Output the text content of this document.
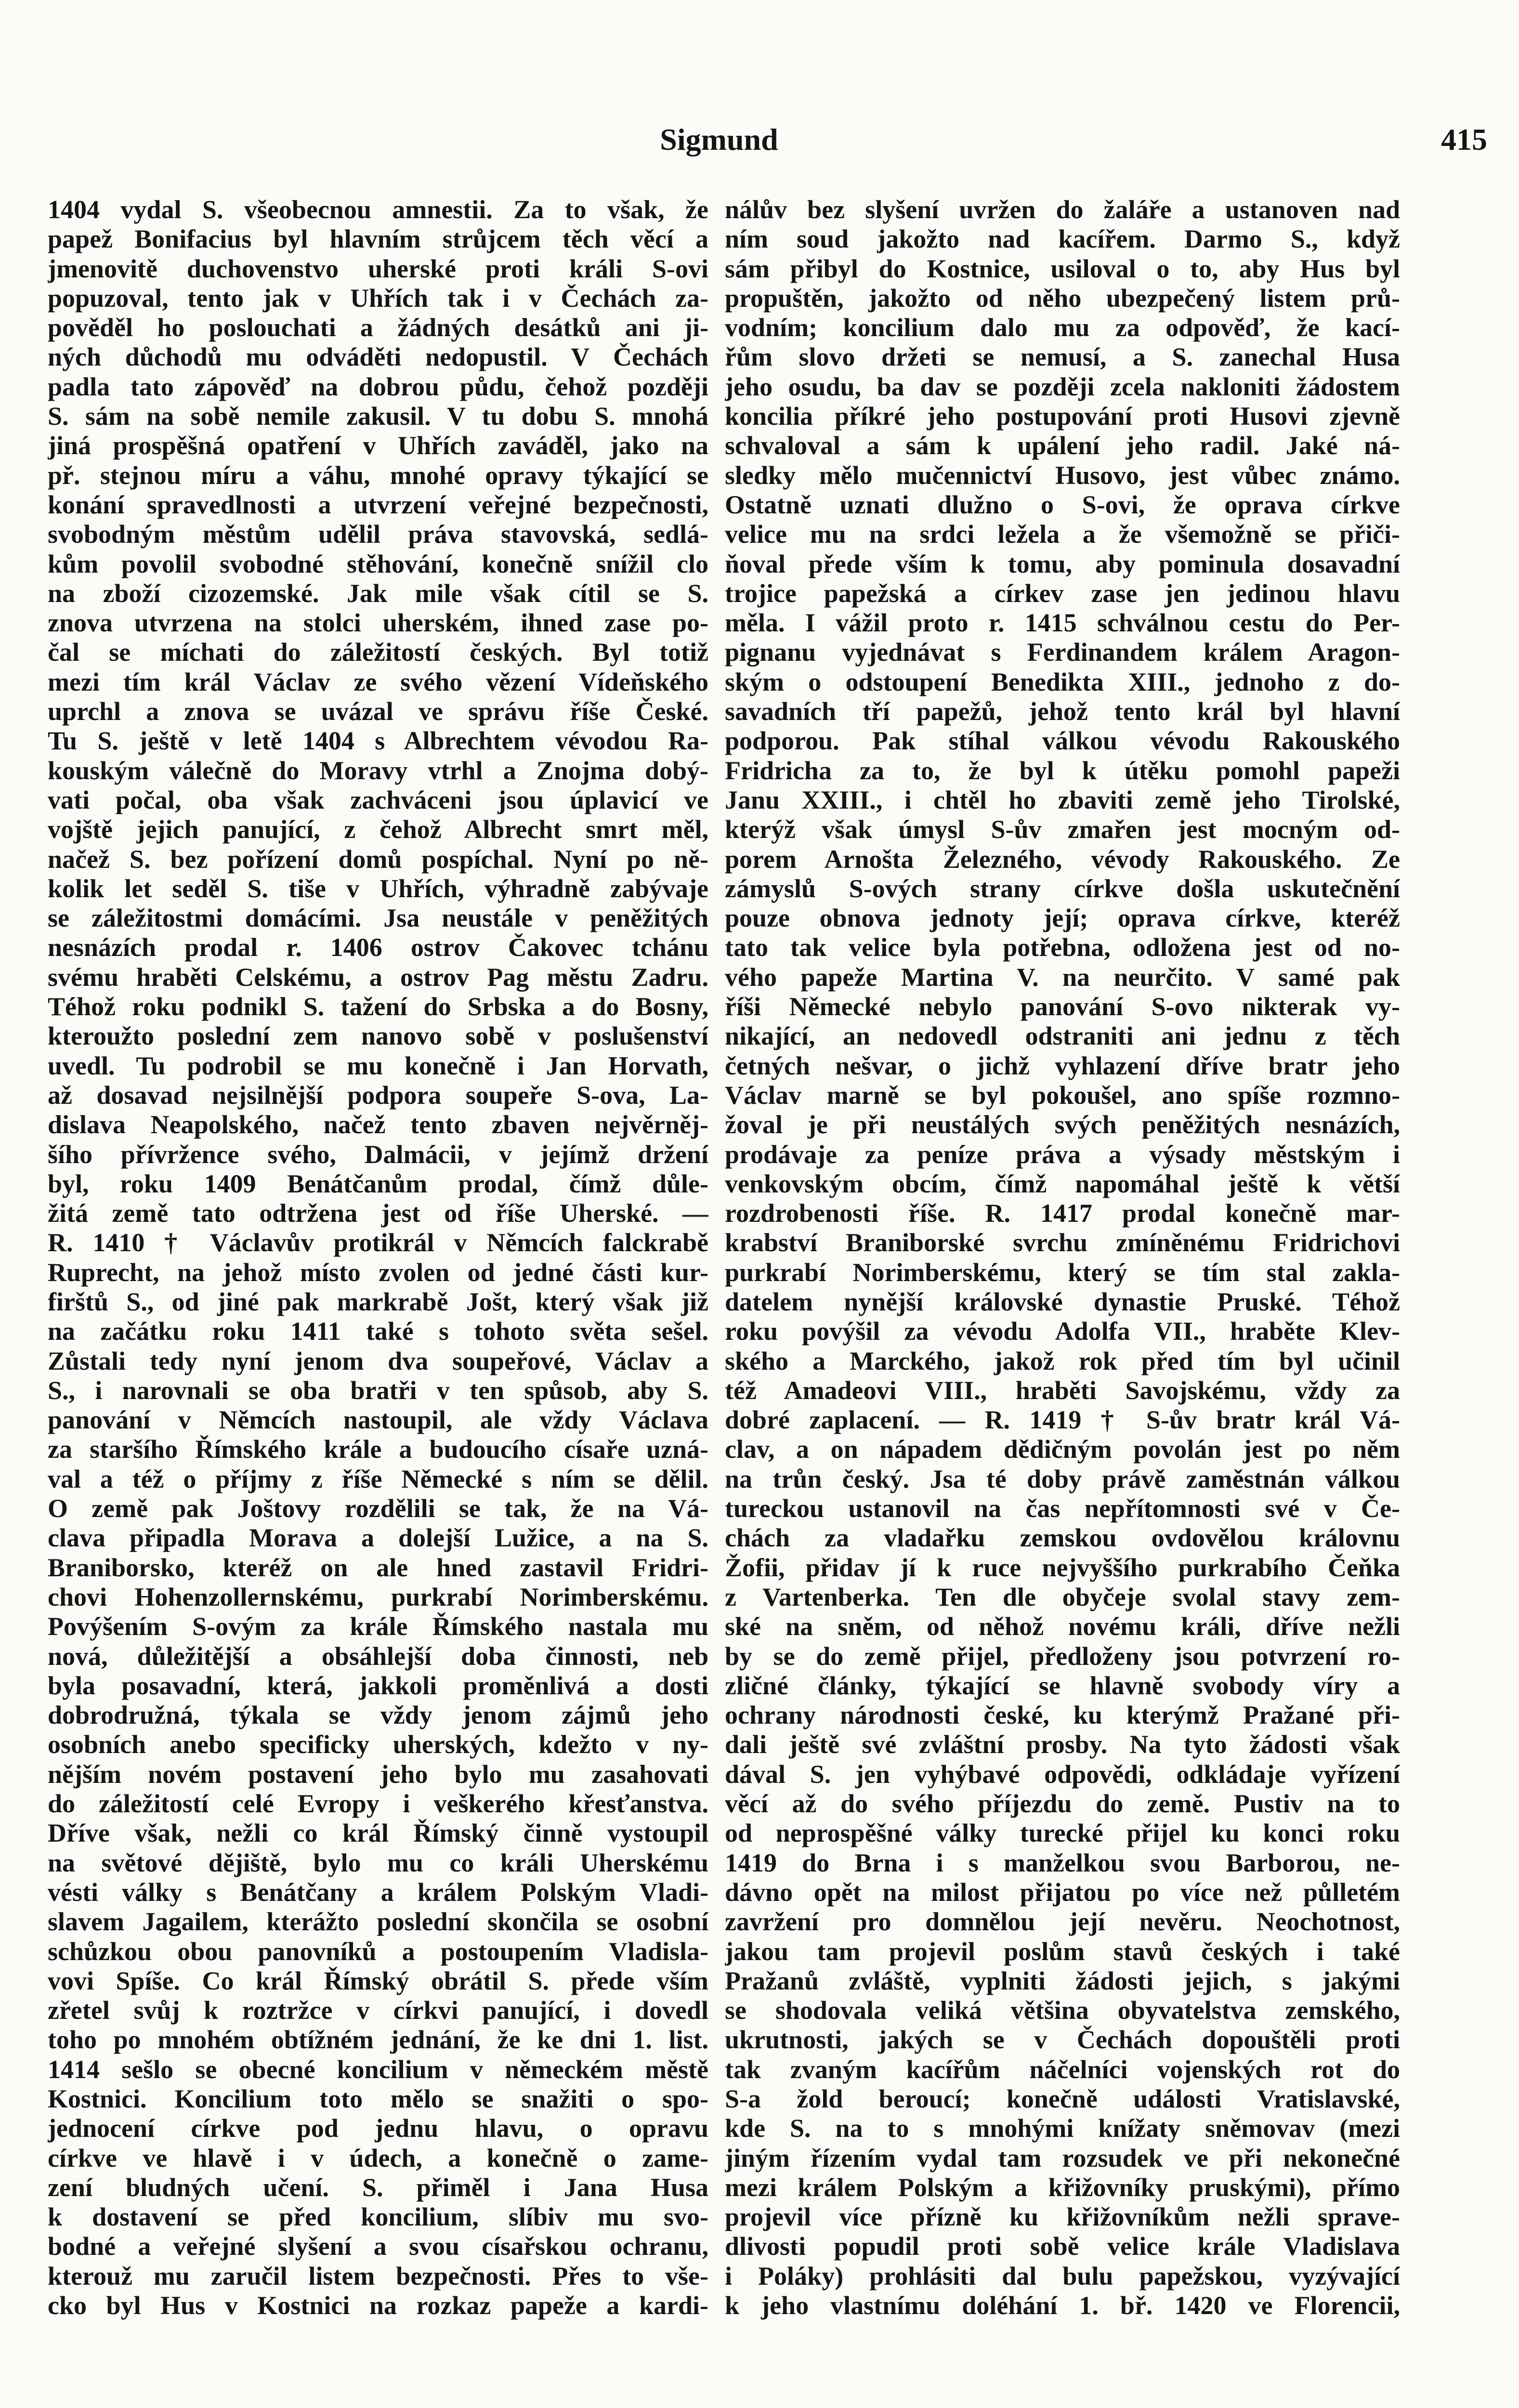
Sigmund	415
1404 vydal S. všeobecnou amnestii. Za to však, že
papež Bonifacius byl hlavním strůjcem těch věcí a
jmenovitě duchovenstvo uherské proti králi S-ovi
popuzoval, tento jak v Uhřích tak i v Čechách za-
pověděl ho poslouchati a žádných desátků ani ji-
ných důchodů mu odváděti nedopustil. V Čechách
padla tato zápověď na dobrou půdu, čehož později
S. sám na sobě nemile zakusil. V tu dobu S. mnohá
jiná prospěšná opatření v Uhřích zaváděl, jako na
př. stejnou míru a váhu, mnohé opravy týkající se
konání spravedlnosti a utvrzení veřejné bezpečnosti,
svobodným městům udělil práva stavovská, sedlá-
kům povolil svobodné stěhování, konečně snížil clo
na zboží cizozemské. Jak mile však cítil se S.
znova utvrzena na stolci uherském, ihned zase po-
čal se míchati do záležitostí českých. Byl totiž
mezi tím král Václav ze svého vězení Vídeňského
uprchl a znova se uvázal ve správu říše České.
Tu S. ještě v letě 1404 s Albrechtem vévodou Ra-
kouským válečně do Moravy vtrhl a Znojma dobý-
vati počal, oba však zachváceni jsou úplavicí ve
vojště jejich panující, z čehož Albrecht smrt měl,
načež S. bez pořízení domů pospíchal. Nyní po ně-
kolik let seděl S. tiše v Uhřích, výhradně zabývaje
se záležitostmi domácími. Jsa neustále v peněžitých
nesnázích prodal r. 1406 ostrov Čakovec tchánu
svému hraběti Celskému, a ostrov Pag městu Zadru.
Téhož roku podnikl S. tažení do Srbska a do Bosny,
kteroužto poslední zem nanovo sobě v poslušenství
uvedl. Tu podrobil se mu konečně i Jan Horvath,
až dosavad nejsilnější podpora soupeře S-ova, La-
dislava Neapolského, načež tento zbaven nejvěrněj-
šího přívržence svého, Dalmácii, v jejímž držení
byl, roku 1409 Benátčanům prodal, čímž důle-
žitá země tato odtržena jest od říše Uherské. —
R. 1410 † Václavův protikrál v Němcích falckrabě
Ruprecht, na jehož místo zvolen od jedné části kur-
firštů S., od jiné pak markrabě Jošt, který však již
na začátku roku 1411 také s tohoto světa sešel.
Zůstali tedy nyní jenom dva soupeřové, Václav a
S., i narovnali se oba bratři v ten spůsob, aby S.
panování v Němcích nastoupil, ale vždy Václava
za staršího Římského krále a budoucího císaře uzná-
val a též o příjmy z říše Německé s ním se dělil.
O země pak Joštovy rozdělili se tak, že na Vá-
clava připadla Morava a dolejší Lužice, a na S.
Braniborsko, kteréž on ale hned zastavil Fridri-
chovi Hohenzollernskému, purkrabí Norimberskému.
Povýšením S-ovým za krále Římského nastala mu
nová, důležitější a obsáhlejší doba činnosti, neb
byla posavadní, která, jakkoli proměnlivá a dosti
dobrodružná, týkala se vždy jenom zájmů jeho
osobních anebo specificky uherských, kdežto v ny-
nějším novém postavení jeho bylo mu zasahovati
do záležitostí celé Evropy i veškerého křesťanstva.
Dříve však, nežli co král Římský činně vystoupil
na světové dějiště, bylo mu co králi Uherskému
vésti války s Benátčany a králem Polským Vladi-
slavem Jagailem, kterážto poslední skončila se osobní
schůzkou obou panovníků a postoupením Vladisla-
vovi Spíše. Co král Římský obrátil S. přede vším
zřetel svůj k roztržce v církvi panující, i dovedl
toho po mnohém obtížném jednání, že ke dni 1. list.
1414 sešlo se obecné koncilium v německém městě
Kostnici. Koncilium toto mělo se snažiti o spo-
jednocení církve pod jednu hlavu, o opravu
církve ve hlavě i v údech, a konečně o zame-
zení bludných učení. S. přiměl i Jana Husa
k dostavení se před koncilium, slíbiv mu svo-
bodné a veřejné slyšení a svou císařskou ochranu,
kterouž mu zaručil listem bezpečnosti. Přes to vše-
cko byl Hus v Kostnici na rozkaz papeže a kardi-
nálův bez slyšení uvržen do žaláře a ustanoven nad
ním soud jakožto nad kacířem. Darmo S., když
sám přibyl do Kostnice, usiloval o to, aby Hus byl
propuštěn, jakožto od něho ubezpečený listem prů-
vodním; koncilium dalo mu za odpověď, že kací-
řům slovo držeti se nemusí, a S. zanechal Husa
jeho osudu, ba dav se později zcela nakloniti žádostem
koncilia příkré jeho postupování proti Husovi zjevně
schvaloval a sám k upálení jeho radil. Jaké ná-
sledky mělo mučennictví Husovo, jest vůbec známo.
Ostatně uznati dlužno o S-ovi, že oprava církve
velice mu na srdci ležela a že všemožně se přiči-
ňoval přede vším k tomu, aby pominula dosavadní
trojice papežská a církev zase jen jedinou hlavu
měla. I vážil proto r. 1415 schválnou cestu do Per-
pignanu vyjednávat s Ferdinandem králem Aragon-
ským o odstoupení Benedikta XIII., jednoho z do-
savadních tří papežů, jehož tento král byl hlavní
podporou. Pak stíhal válkou vévodu Rakouského
Fridricha za to, že byl k útěku pomohl papeži
Janu XXIII., i chtěl ho zbaviti země jeho Tirolské,
kterýž však úmysl S-ův zmařen jest mocným od-
porem Arnošta Železného, vévody Rakouského. Ze
zámyslů S-ových strany církve došla uskutečnění
pouze obnova jednoty její; oprava církve, kteréž
tato tak velice byla potřebna, odložena jest od no-
vého papeže Martina V. na neurčito. V samé pak
říši Německé nebylo panování S-ovo nikterak vy-
nikající, an nedovedl odstraniti ani jednu z těch
četných nešvar, o jichž vyhlazení dříve bratr jeho
Václav marně se byl pokoušel, ano spíše rozmno-
žoval je při neustálých svých peněžitých nesnázích,
prodávaje za peníze práva a výsady městským i
venkovským obcím, čímž napomáhal ještě k větší
rozdrobenosti říše. R. 1417 prodal konečně mar-
krabství Braniborské svrchu zmíněnému Fridrichovi
purkrabí Norimberskému, který se tím stal zakla-
datelem nynější královské dynastie Pruské. Téhož
roku povýšil za vévodu Adolfa VII., hraběte Klev-
ského a Marckého, jakož rok před tím byl učinil
též Amadeovi VIII., hraběti Savojskému, vždy za
dobré zaplacení. — R. 1419 † S-ův bratr král Vá-
clav, a on nápadem dědičným povolán jest po něm
na trůn český. Jsa té doby právě zaměstnán válkou
tureckou ustanovil na čas nepřítomnosti své v Če-
chách za vladařku zemskou ovdovělou královnu
Žofii, přidav jí k ruce nejvyššího purkrabího Čeňka
z Vartenberka. Ten dle obyčeje svolal stavy zem-
ské na sněm, od něhož novému králi, dříve nežli
by se do země přijel, předloženy jsou potvrzení ro-
zličné články, týkající se hlavně svobody víry a
ochrany národnosti české, ku kterýmž Pražané při-
dali ještě své zvláštní prosby. Na tyto žádosti však
dával S. jen vyhýbavé odpovědi, odkládaje vyřízení
věcí až do svého příjezdu do země. Pustiv na to
od neprospěšné války turecké přijel ku konci roku
1419 do Brna i s manželkou svou Barborou, ne-
dávno opět na milost přijatou po více než půlletém
zavržení pro domnělou její nevěru. Neochotnost,
jakou tam projevil poslům stavů českých i také
Pražanů zvláště, vyplniti žádosti jejich, s jakými
se shodovala veliká většina obyvatelstva zemského,
ukrutnosti, jakých se v Čechách dopouštěli proti
tak zvaným kacířům náčelníci vojenských rot do
S-a žold beroucí; konečně události Vratislavské,
kde S. na to s mnohými knížaty sněmovav (mezi
jiným řízením vydal tam rozsudek ve při nekonečné
mezi králem Polským a křižovníky pruskými), přímo
projevil více přízně ku křižovníkům nežli sprave-
dlivosti popudil proti sobě velice krále Vladislava
i Poláky) prohlásiti dal bulu papežskou, vyzývající
k jeho vlastnímu doléhání 1. bř. 1420 ve Florencii,
